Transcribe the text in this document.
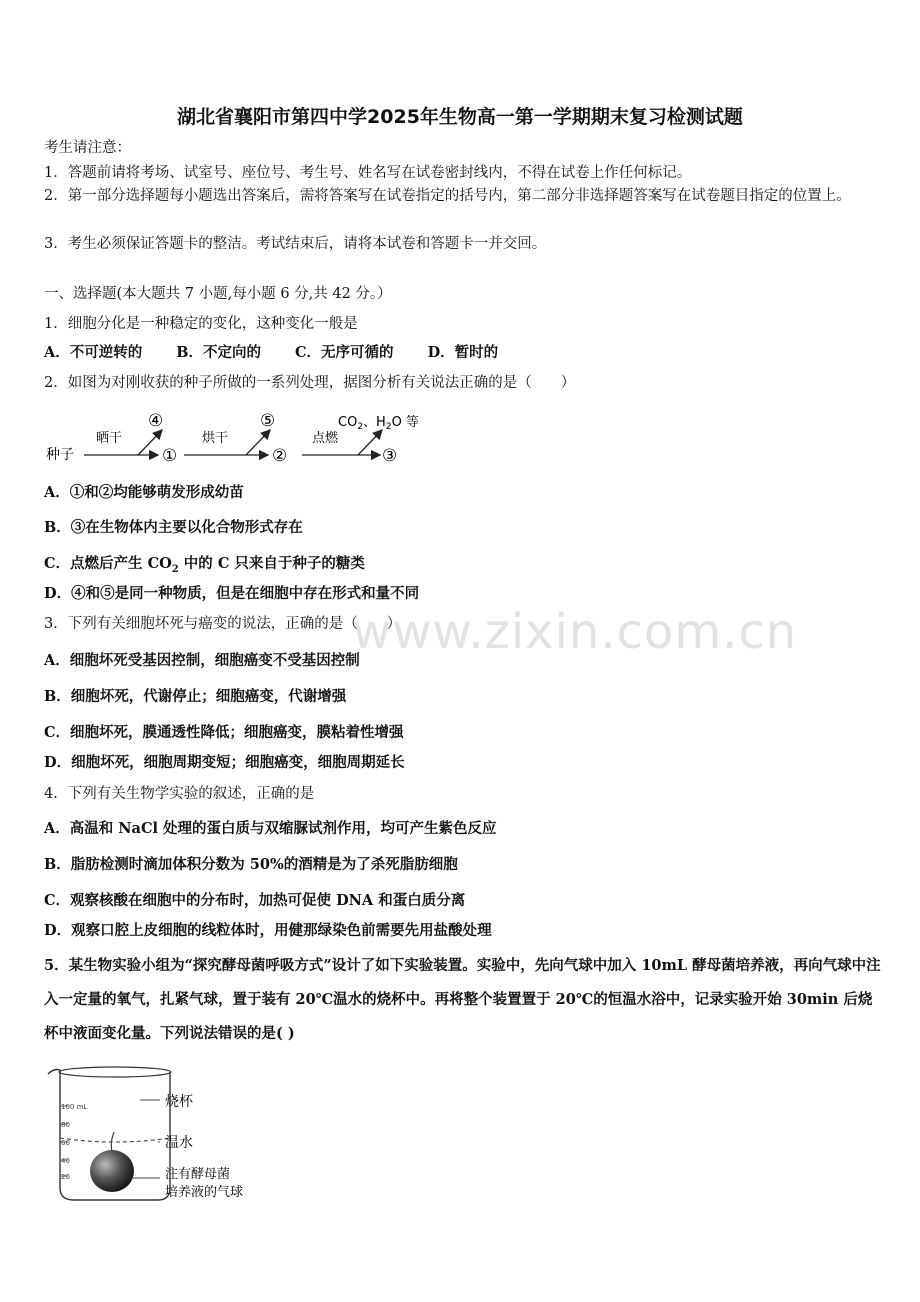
湖北省襄阳市第四中学2025年生物高一第一学期期末复习检测试题
考生请注意：
1．答题前请将考场、试室号、座位号、考生号、姓名写在试卷密封线内，不得在试卷上作任何标记。
2．第一部分选择题每小题选出答案后，需将答案写在试卷指定的括号内，第二部分非选择题答案写在试卷题目指定的位置上。
3．考生必须保证答题卡的整洁。考试结束后，请将本试卷和答题卡一并交回。
一、选择题(本大题共 7 小题,每小题 6 分,共 42 分。）
1．细胞分化是一种稳定的变化，这种变化一般是
A．不可逆转的 B．不定向的 C．无序可循的 D．暂时的
2．如图为对刚收获的种子所做的一系列处理，据图分析有关说法正确的是（　　）
种子
晒干
④
①
烘干
⑤
②
点燃
$CO_2$、$H_2O$ 等
③
A．①和②均能够萌发形成幼苗
B．③在生物体内主要以化合物形式存在
C．点燃后产生 $CO_2$ 中的 C 只来自于种子的糖类
D．④和⑤是同一种物质，但是在细胞中存在形式和量不同
www.zixin.com.cn
3．下列有关细胞坏死与癌变的说法，正确的是（　　）
A．细胞坏死受基因控制，细胞癌变不受基因控制
B．细胞坏死，代谢停止；细胞癌变，代谢增强
C．细胞坏死，膜通透性降低；细胞癌变，膜粘着性增强
D．细胞坏死，细胞周期变短；细胞癌变，细胞周期延长
4．下列有关生物学实验的叙述，正确的是
A．高温和 NaCl 处理的蛋白质与双缩脲试剂作用，均可产生紫色反应
B．脂肪检测时滴加体积分数为 50%的酒精是为了杀死脂肪细胞
C．观察核酸在细胞中的分布时，加热可促使 DNA 和蛋白质分离
D．观察口腔上皮细胞的线粒体时，用健那绿染色前需要先用盐酸处理
5．某生物实验小组为“探究酵母菌呼吸方式”设计了如下实验装置。实验中，先向气球中加入 10mL 酵母菌培养液，再向气球中注入一定量的氧气，扎紧气球，置于装有 20℃温水的烧杯中。再将整个装置置于 20℃的恒温水浴中，记录实验开始 30min 后烧杯中液面变化量。下列说法错误的是( )
100 mL
80
60
40
20
烧杯
温水
注有酵母菌
培养液的气球
